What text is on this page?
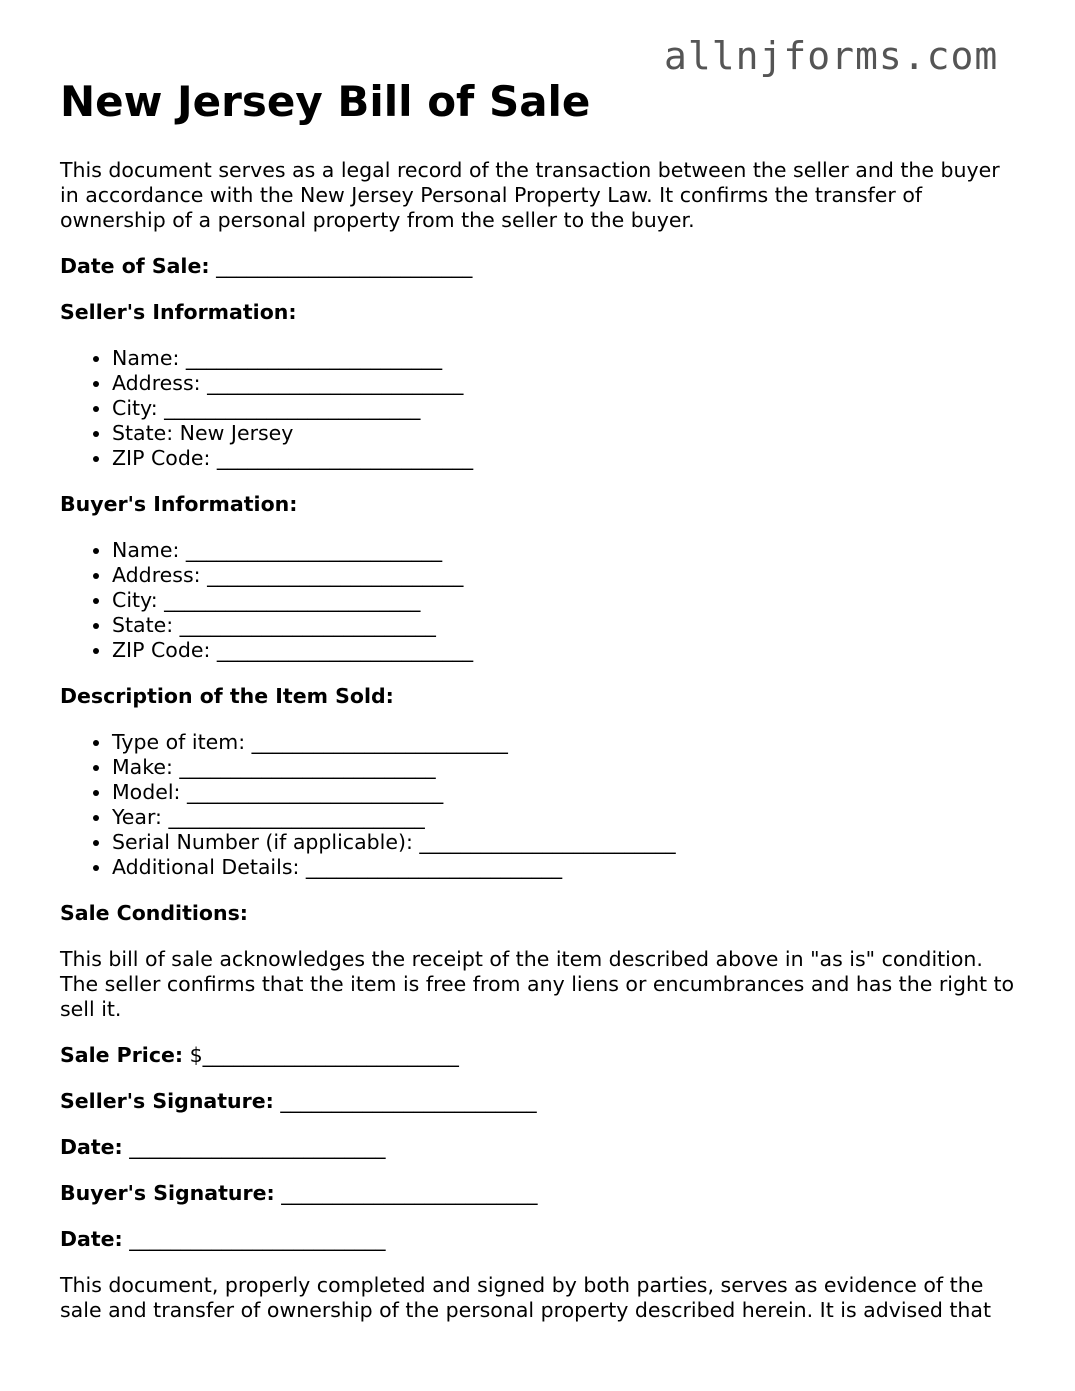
allnjforms.com
New Jersey Bill of Sale

This document serves as a legal record of the transaction between the seller and the buyer in accordance with the New Jersey Personal Property Law. It confirms the transfer of ownership of a personal property from the seller to the buyer.

Date of Sale: _________________________

Seller's Information:

• Name: _________________________
• Address: _________________________
• City: _________________________
• State: New Jersey
• ZIP Code: _________________________

Buyer's Information:

• Name: _________________________
• Address: _________________________
• City: _________________________
• State: _________________________
• ZIP Code: _________________________

Description of the Item Sold:

• Type of item: _________________________
• Make: _________________________
• Model: _________________________
• Year: _________________________
• Serial Number (if applicable): _________________________
• Additional Details: _________________________

Sale Conditions:

This bill of sale acknowledges the receipt of the item described above in "as is" condition. The seller confirms that the item is free from any liens or encumbrances and has the right to sell it.

Sale Price: $_________________________

Seller's Signature: _________________________

Date: _________________________

Buyer's Signature: _________________________

Date: _________________________

This document, properly completed and signed by both parties, serves as evidence of the sale and transfer of ownership of the personal property described herein. It is advised that
